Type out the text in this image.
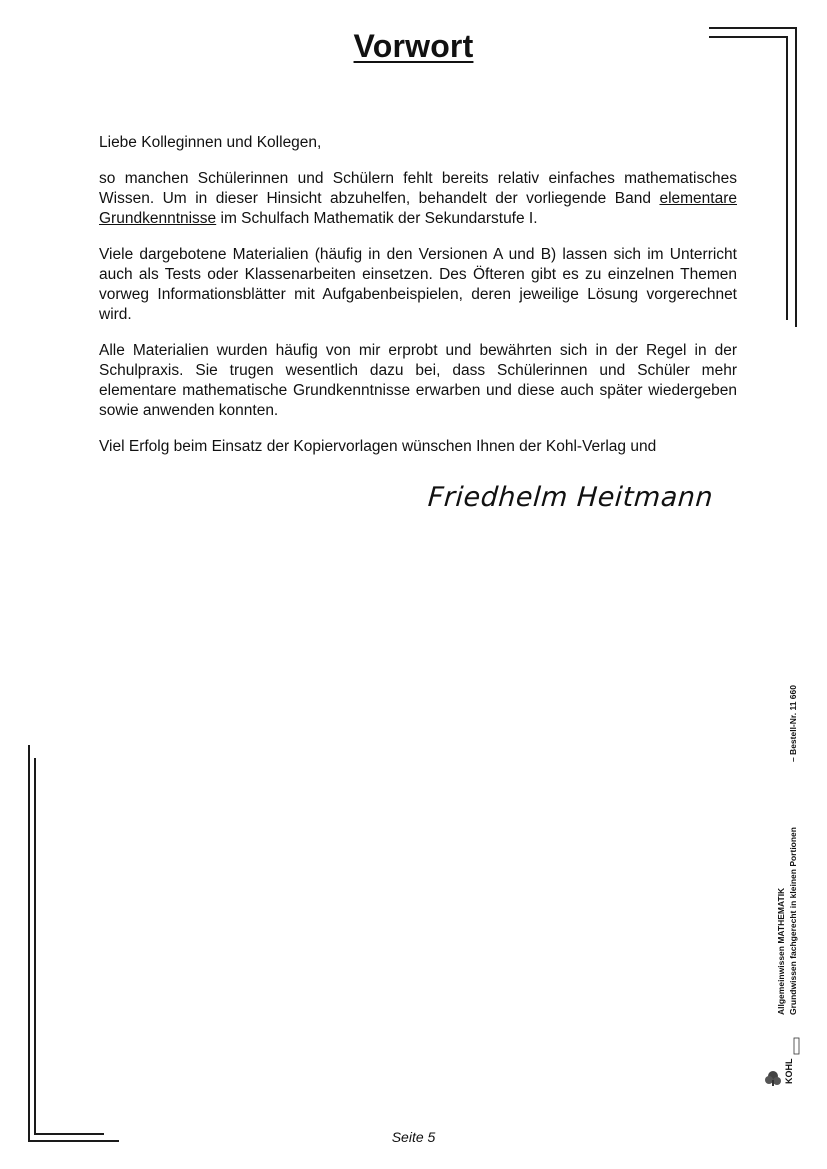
Vorwort

Liebe Kolleginnen und Kollegen,

so manchen Schülerinnen und Schülern fehlt bereits relativ einfaches mathematisches Wissen. Um in dieser Hinsicht abzuhelfen, behandelt der vorliegende Band elementare Grundkenntnisse im Schulfach Mathematik der Sekundarstufe I.

Viele dargebotene Materialien (häufig in den Versionen A und B) lassen sich im Unterricht auch als Tests oder Klassenarbeiten einsetzen. Des Öfteren gibt es zu einzelnen Themen vorweg Informationsblätter mit Aufgabenbeispielen, deren jeweilige Lösung vorgerechnet wird.

Alle Materialien wurden häufig von mir erprobt und bewährten sich in der Regel in der Schulpraxis. Sie trugen wesentlich dazu bei, dass Schülerinnen und Schüler mehr elementare mathematische Grundkenntnisse erwarben und diese auch später wiedergeben sowie anwenden konnten.

Viel Erfolg beim Einsatz der Kopiervorlagen wünschen Ihnen der Kohl-Verlag und

Friedhelm Heitmann
Allgemeinwissen MATHEMATIK Grundwissen fachgerecht in kleinen Portionen
– Bestell-Nr. 11 660
KOHL
Seite 5
